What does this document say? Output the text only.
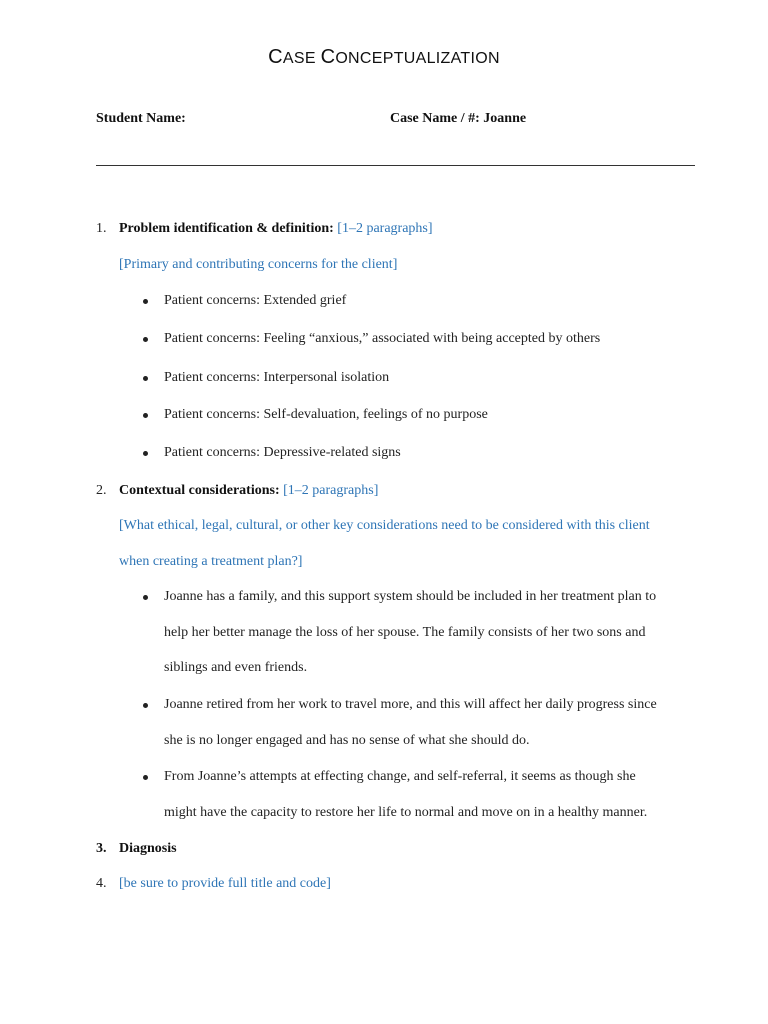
CASE CONCEPTUALIZATION
Student Name:	Case Name / #: Joanne
1. Problem identification & definition: [1–2 paragraphs]
[Primary and contributing concerns for the client]
Patient concerns: Extended grief
Patient concerns: Feeling “anxious,” associated with being accepted by others
Patient concerns: Interpersonal isolation
Patient concerns: Self-devaluation, feelings of no purpose
Patient concerns: Depressive-related signs
2. Contextual considerations: [1–2 paragraphs]
[What ethical, legal, cultural, or other key considerations need to be considered with this client
when creating a treatment plan?]
Joanne has a family, and this support system should be included in her treatment plan to
help her better manage the loss of her spouse. The family consists of her two sons and
siblings and even friends.
Joanne retired from her work to travel more, and this will affect her daily progress since
she is no longer engaged and has no sense of what she should do.
From Joanne’s attempts at effecting change, and self-referral, it seems as though she
might have the capacity to restore her life to normal and move on in a healthy manner.
3. Diagnosis
4. [be sure to provide full title and code]
